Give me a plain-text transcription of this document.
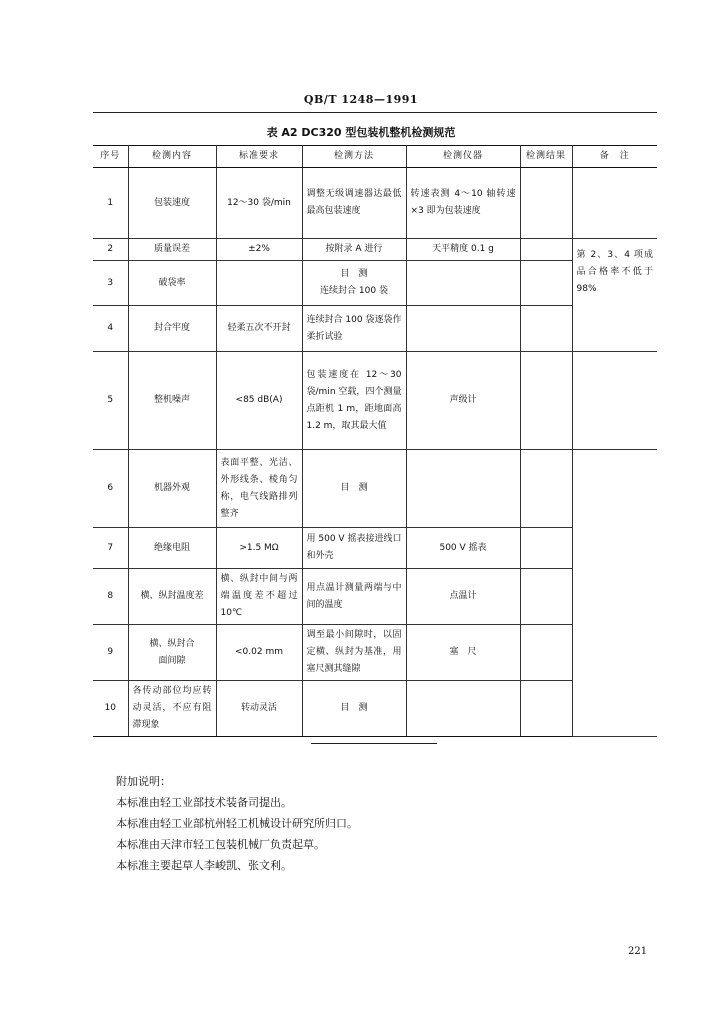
QB/T 1248—1991
表 A2 DC320 型包装机整机检测规范
序号	检测内容	标准要求	检测方法	检测仪器	检测结果	备　注
1	包装速度	12～30 袋/min	调整无级调速器达最低最高包装速度	转速表测 4～10 轴转速×3 即为包装速度		
2	质量误差	±2%	按附录 A 进行	天平精度 0.1 g		第 2、3、4 项成品合格率不低于 98%
3	破袋率		目　测
连续封合 100 袋			
4	封合牢度	轻柔五次不开封	连续封合 100 袋逐袋作柔折试验			
5	整机噪声	<85 dB(A)	包装速度在 12～30 袋/min 空载，四个测量点距机 1 m，距地面高 1.2 m，取其最大值	声级计		
6	机器外观	表面平整、光洁、外形线条、棱角匀称，电气线路排列整齐	目　测			
7	绝缘电阻	>1.5 MΩ	用 500 V 摇表接进线口和外壳	500 V 摇表		
8	横、纵封温度差	横、纵封中间与两端温度差不超过 10℃	用点温计测量两端与中间的温度	点温计		
9	横、纵封合
面间隙	<0.02 mm	调至最小间隙时，以固定横、纵封为基准，用塞尺测其缝隙	塞　尺		
10	各传动部位均应转动灵活，不应有阻滞现象	转动灵活	目　测			
附加说明：
本标准由轻工业部技术装备司提出。
本标准由轻工业部杭州轻工机械设计研究所归口。
本标准由天津市轻工包装机械厂负责起草。
本标准主要起草人李峻凯、张文利。
221
